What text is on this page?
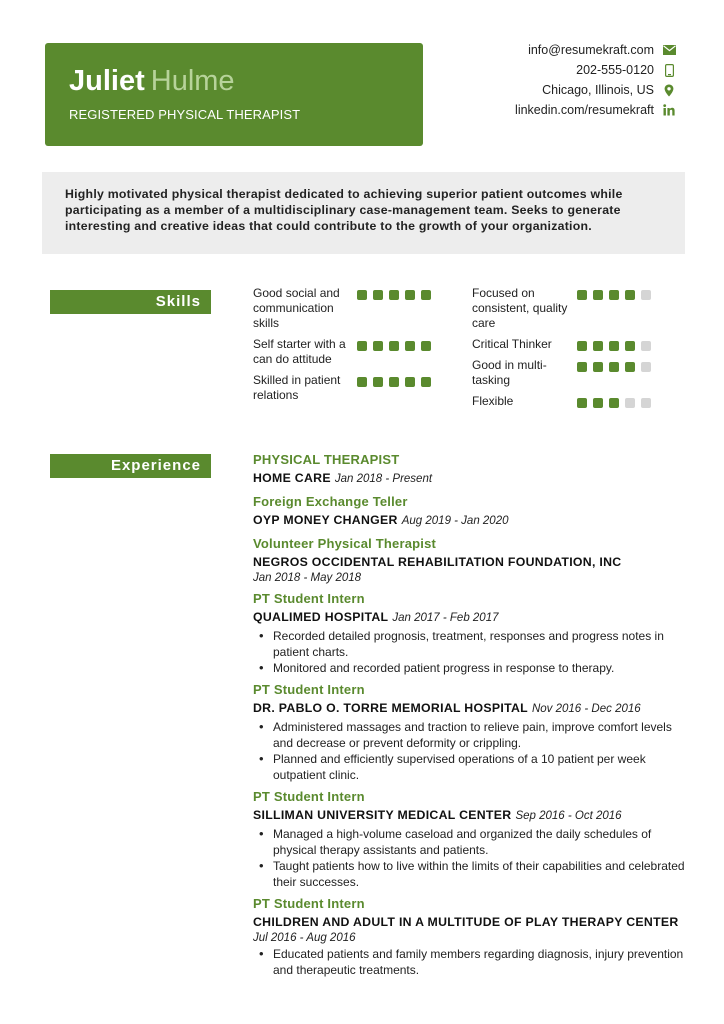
Juliet Hulme
REGISTERED PHYSICAL THERAPIST
info@resumekraft.com
202-555-0120
Chicago, Illinois, US
linkedin.com/resumekraft
Highly motivated physical therapist dedicated to achieving superior patient outcomes while participating as a member of a multidisciplinary case-management team. Seeks to generate interesting and creative ideas that could contribute to the growth of your organization.
Skills	Good social and communication skills
Self starter with a can do attitude
Skilled in patient relations
Focused on consistent, quality care
Critical Thinker
Good in multi-tasking
Flexible
Experience	PHYSICAL THERAPIST
HOME CARE Jan 2018 - Present
Foreign Exchange Teller
OYP MONEY CHANGER Aug 2019 - Jan 2020
Volunteer Physical Therapist
NEGROS OCCIDENTAL REHABILITATION FOUNDATION, INC
Jan 2018 - May 2018
PT Student Intern
QUALIMED HOSPITAL Jan 2017 - Feb 2017
• Recorded detailed prognosis, treatment, responses and progress notes in patient charts.
• Monitored and recorded patient progress in response to therapy.
PT Student Intern
DR. PABLO O. TORRE MEMORIAL HOSPITAL Nov 2016 - Dec 2016
• Administered massages and traction to relieve pain, improve comfort levels and decrease or prevent deformity or crippling.
• Planned and efficiently supervised operations of a 10 patient per week outpatient clinic.
PT Student Intern
SILLIMAN UNIVERSITY MEDICAL CENTER Sep 2016 - Oct 2016
• Managed a high-volume caseload and organized the daily schedules of physical therapy assistants and patients.
• Taught patients how to live within the limits of their capabilities and celebrated their successes.
PT Student Intern
CHILDREN AND ADULT IN A MULTITUDE OF PLAY THERAPY CENTER
Jul 2016 - Aug 2016
• Educated patients and family members regarding diagnosis, injury prevention and therapeutic treatments.
